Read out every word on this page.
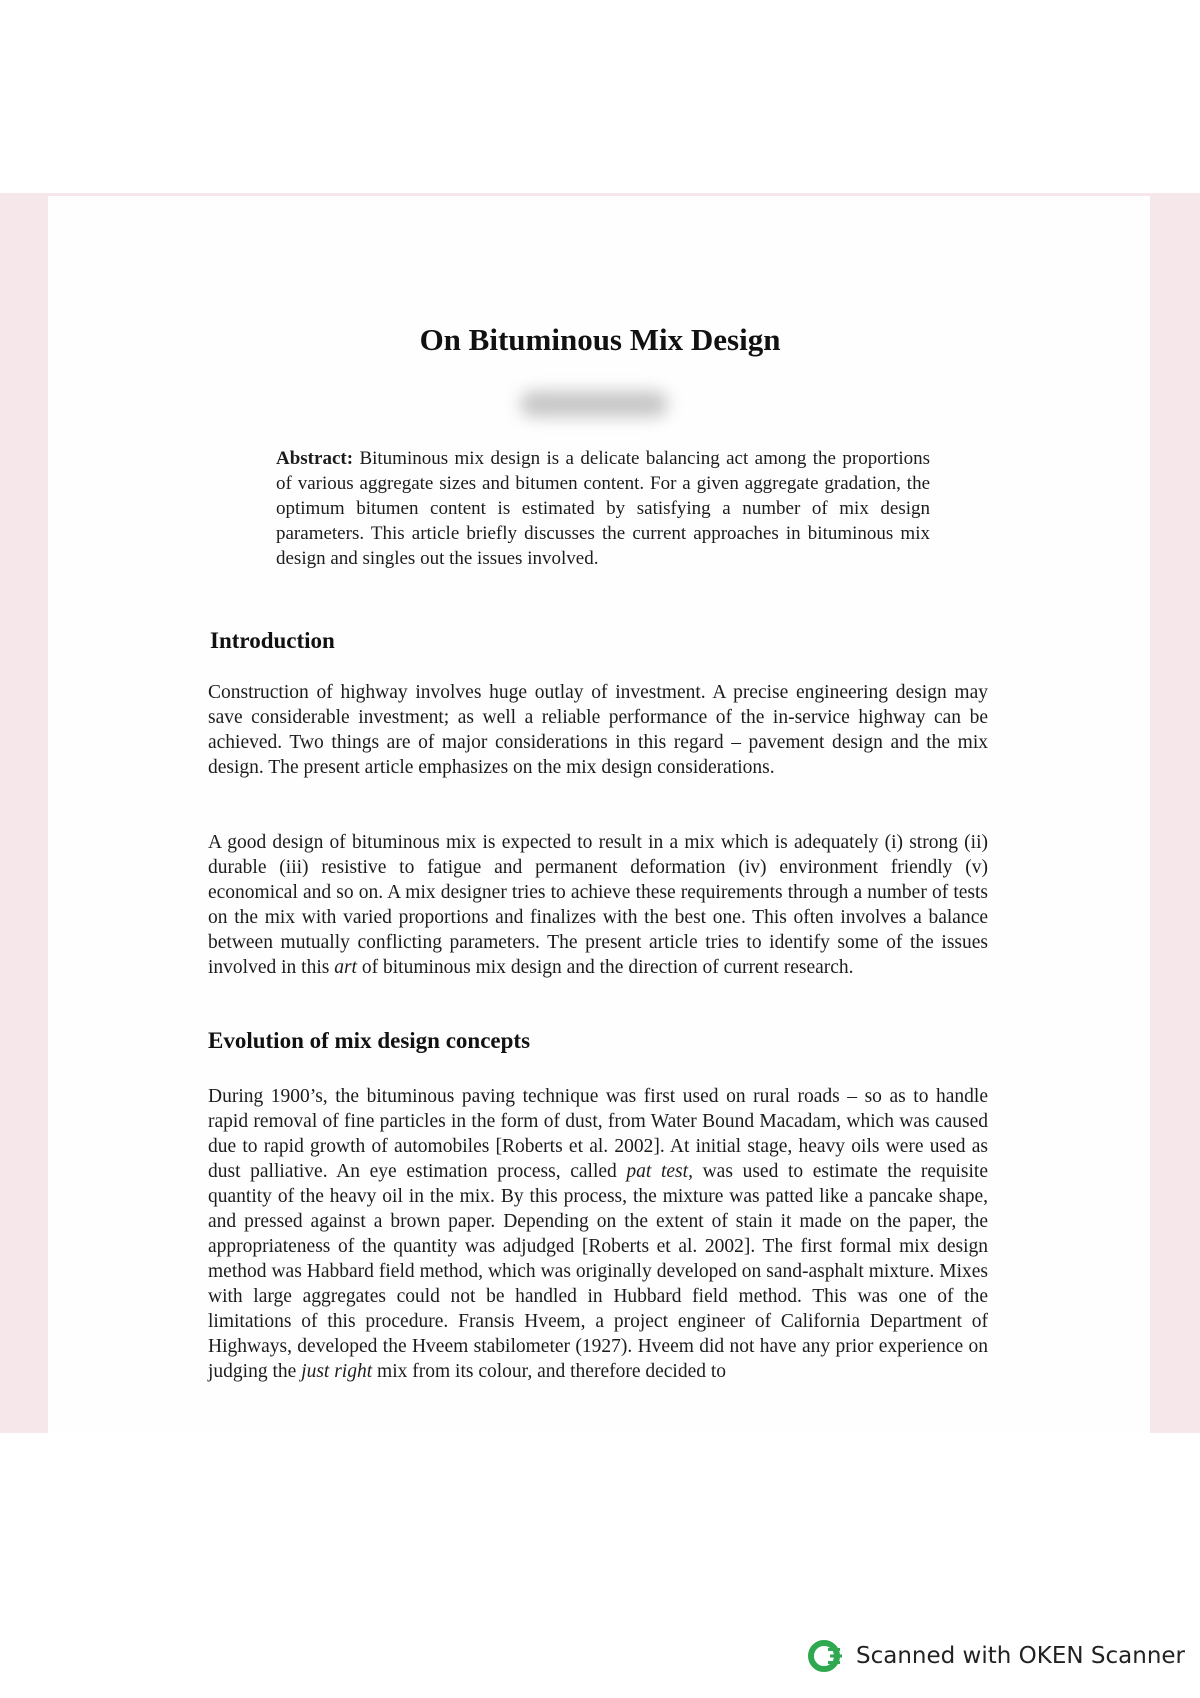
On Bituminous Mix Design

Abstract: Bituminous mix design is a delicate balancing act among the proportions of various aggregate sizes and bitumen content. For a given aggregate gradation, the optimum bitumen content is estimated by satisfying a number of mix design parameters. This article briefly discusses the current approaches in bituminous mix design and singles out the issues involved.

Introduction

Construction of highway involves huge outlay of investment. A precise engineering design may save considerable investment; as well a reliable performance of the in-service highway can be achieved. Two things are of major considerations in this regard – pavement design and the mix design. The present article emphasizes on the mix design considerations.

A good design of bituminous mix is expected to result in a mix which is adequately (i) strong (ii) durable (iii) resistive to fatigue and permanent deformation (iv) environment friendly (v) economical and so on. A mix designer tries to achieve these requirements through a number of tests on the mix with varied proportions and finalizes with the best one. This often involves a balance between mutually conflicting parameters. The present article tries to identify some of the issues involved in this art of bituminous mix design and the direction of current research.

Evolution of mix design concepts

During 1900’s, the bituminous paving technique was first used on rural roads – so as to handle rapid removal of fine particles in the form of dust, from Water Bound Macadam, which was caused due to rapid growth of automobiles [Roberts et al. 2002]. At initial stage, heavy oils were used as dust palliative. An eye estimation process, called pat test, was used to estimate the requisite quantity of the heavy oil in the mix. By this process, the mixture was patted like a pancake shape, and pressed against a brown paper. Depending on the extent of stain it made on the paper, the appropriateness of the quantity was adjudged [Roberts et al. 2002]. The first formal mix design method was Habbard field method, which was originally developed on sand-asphalt mixture. Mixes with large aggregates could not be handled in Hubbard field method. This was one of the limitations of this procedure. Fransis Hveem, a project engineer of California Department of Highways, developed the Hveem stabilometer (1927). Hveem did not have any prior experience on judging the just right mix from its colour, and therefore decided to

Scanned with OKEN Scanner
